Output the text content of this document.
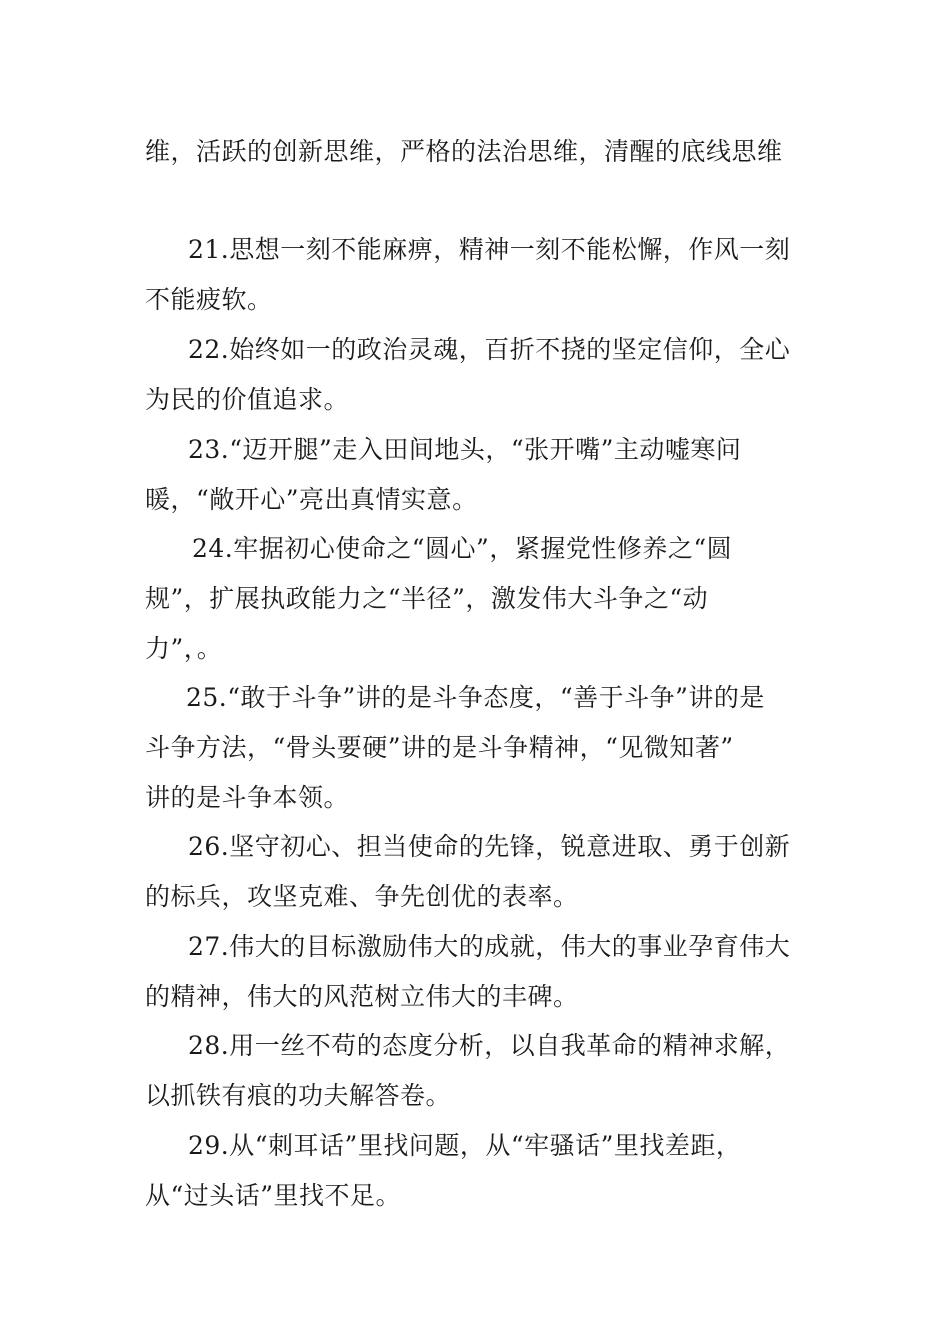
维，活跃的创新思维，严格的法治思维，清醒的底线思维
21.思想一刻不能麻痹，精神一刻不能松懈，作风一刻
不能疲软。
22.始终如一的政治灵魂，百折不挠的坚定信仰，全心
为民的价值追求。
23.“迈开腿”走入田间地头，“张开嘴”主动嘘寒问
暖，“敞开心”亮出真情实意。
24.牢据初心使命之“圆心”，紧握党性修养之“圆
规”，扩展执政能力之“半径”，激发伟大斗争之“动
力”，。
25.“敢于斗争”讲的是斗争态度，“善于斗争”讲的是
斗争方法，“骨头要硬”讲的是斗争精神，“见微知著”
讲的是斗争本领。
26.坚守初心、担当使命的先锋，锐意进取、勇于创新
的标兵，攻坚克难、争先创优的表率。
27.伟大的目标激励伟大的成就，伟大的事业孕育伟大
的精神，伟大的风范树立伟大的丰碑。
28.用一丝不苟的态度分析，以自我革命的精神求解，
以抓铁有痕的功夫解答卷。
29.从“刺耳话”里找问题，从“牢骚话”里找差距，
从“过头话”里找不足。
